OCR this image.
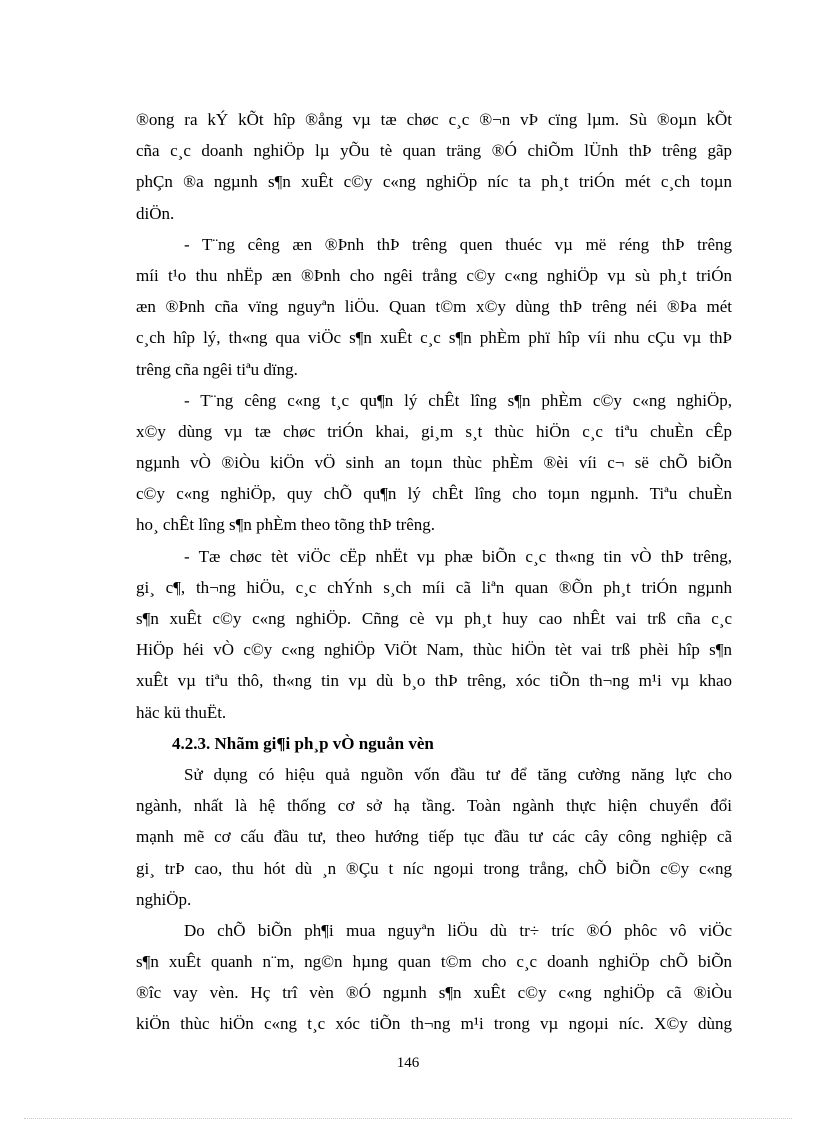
®ong ra kÝ kÕt hîp ®ång vµ tæ chøc c¸c ®¬n vÞ cïng lµm. Sù ®oµn kÕt
cña c¸c doanh nghiÖp lµ yÕu tè quan träng ®Ó chiÕm lÜnh thÞ trêng gãp
phÇn ®a ngµnh s¶n xuÊt c©y c«ng nghiÖp níc ta ph¸t triÓn mét c¸ch toµn
diÖn.
- T¨ng cêng æn ®Þnh thÞ trêng quen thuéc vµ më réng thÞ trêng
míi t¹o thu nhËp æn ®Þnh cho ngêi trång c©y c«ng nghiÖp vµ sù ph¸t triÓn
æn ®Þnh cña vïng nguyªn liÖu. Quan t©m x©y dùng thÞ trêng néi ®Þa mét
c¸ch hîp lý, th«ng qua viÖc s¶n xuÊt c¸c s¶n phÈm phï hîp víi nhu cÇu vµ thÞ
trêng cña ngêi tiªu dïng.
- T¨ng cêng c«ng t¸c qu¶n lý chÊt lîng s¶n phÈm c©y c«ng nghiÖp,
x©y dùng vµ tæ chøc triÓn khai, gi¸m s¸t thùc hiÖn c¸c tiªu chuÈn cÊp
ngµnh vÒ ®iÒu kiÖn vÖ sinh an toµn thùc phÈm ®èi víi c¬ së chÕ biÕn
c©y c«ng nghiÖp, quy chÕ qu¶n lý chÊt lîng cho toµn ngµnh. Tiªu chuÈn
ho¸ chÊt lîng s¶n phÈm theo tõng thÞ trêng.
- Tæ chøc tèt viÖc cËp nhËt vµ phæ biÕn c¸c th«ng tin vÒ thÞ trêng,
gi¸ c¶, th¬ng hiÖu, c¸c chÝnh s¸ch míi cã liªn quan ®Õn ph¸t triÓn ngµnh
s¶n xuÊt c©y c«ng nghiÖp. Cñng cè vµ ph¸t huy cao nhÊt vai trß cña c¸c
HiÖp héi vÒ c©y c«ng nghiÖp ViÖt Nam, thùc hiÖn tèt vai trß phèi hîp s¶n
xuÊt vµ tiªu thô, th«ng tin vµ dù b¸o thÞ trêng, xóc tiÕn th¬ng m¹i vµ khao
häc kü thuËt.
4.2.3. Nhãm gi¶i ph¸p vÒ nguån vèn
Sử dụng có hiệu quả nguồn vốn đầu tư để tăng cường năng lực cho
ngành, nhất là hệ thống cơ sở hạ tầng. Toàn ngành thực hiện chuyển đổi
mạnh mẽ cơ cấu đầu tư, theo hướng tiếp tục đầu tư các cây công nghiệp cã
gi¸ trÞ cao, thu hót dù ¸n ®Çu t níc ngoµi trong trång, chÕ biÕn c©y c«ng
nghiÖp.
Do chÕ biÕn ph¶i mua nguyªn liÖu dù tr÷ tríc ®Ó phôc vô viÖc
s¶n xuÊt quanh n¨m, ng©n hµng quan t©m cho c¸c doanh nghiÖp chÕ biÕn
®îc vay vèn. Hç trî vèn ®Ó ngµnh s¶n xuÊt c©y c«ng nghiÖp cã ®iÒu
kiÖn thùc hiÖn c«ng t¸c xóc tiÕn th¬ng m¹i trong vµ ngoµi níc. X©y dùng
146
